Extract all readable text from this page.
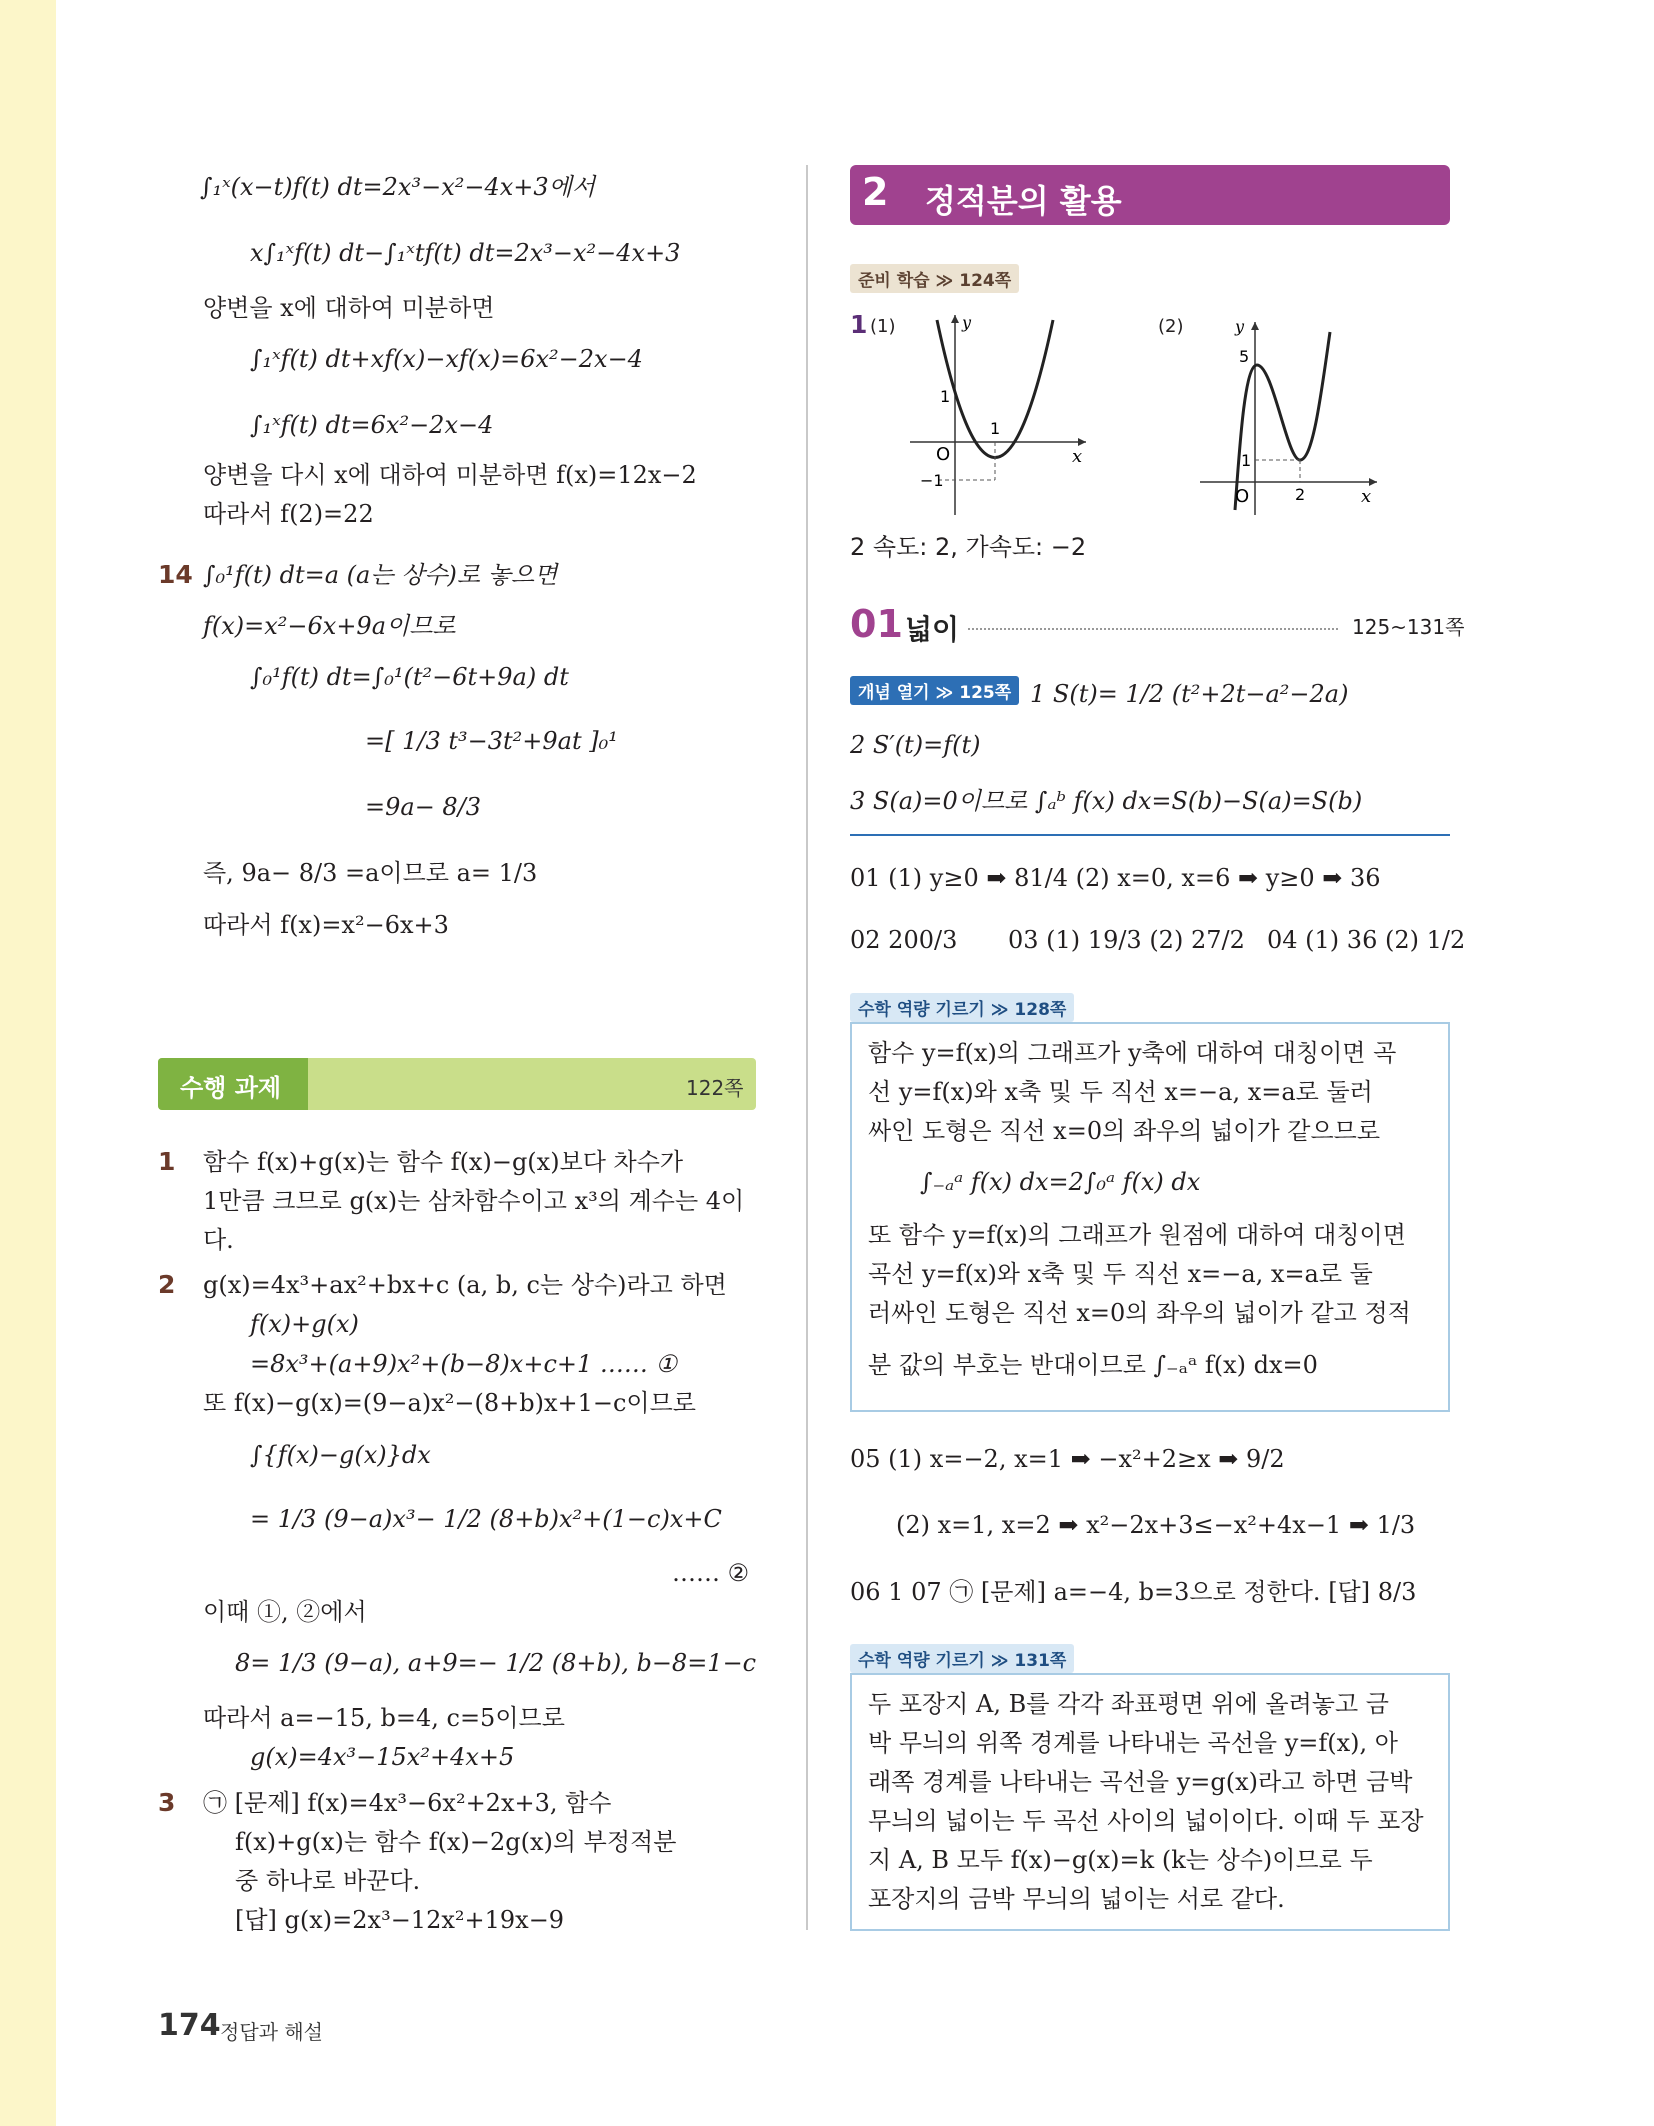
∫₁ˣ(x−t)f(t) dt=2x³−x²−4x+3에서
x∫₁ˣf(t) dt−∫₁ˣtf(t) dt=2x³−x²−4x+3
양변을 x에 대하여 미분하면
∫₁ˣf(t) dt+xf(x)−xf(x)=6x²−2x−4
∫₁ˣf(t) dt=6x²−2x−4
양변을 다시 x에 대하여 미분하면 f(x)=12x−2
따라서 f(2)=22
14 ∫₀¹f(t) dt=a (a는 상수)로 놓으면
f(x)=x²−6x+9a이므로
∫₀¹f(t) dt=∫₀¹(t²−6t+9a) dt
=[ 1/3 t³−3t²+9at ]₀¹
=9a− 8/3
즉, 9a− 8/3 =a이므로 a= 1/3
따라서 f(x)=x²−6x+3
수행 과제	122쪽
1 함수 f(x)+g(x)는 함수 f(x)−g(x)보다 차수가
1만큼 크므로 g(x)는 삼차함수이고 x³의 계수는 4이
다.
2 g(x)=4x³+ax²+bx+c (a, b, c는 상수)라고 하면
f(x)+g(x)
=8x³+(a+9)x²+(b−8)x+c+1 …… ①
또 f(x)−g(x)=(9−a)x²−(8+b)x+1−c이므로
∫{f(x)−g(x)}dx
= 1/3 (9−a)x³− 1/2 (8+b)x²+(1−c)x+C
…… ②
이때 ①, ②에서
8= 1/3 (9−a), a+9=− 1/2 (8+b), b−8=1−c
따라서 a=−15, b=4, c=5이므로
g(x)=4x³−15x²+4x+5
3 ㉠ [문제] f(x)=4x³−6x²+2x+3, 함수
f(x)+g(x)는 함수 f(x)−2g(x)의 부정적분
중 하나로 바꾼다.
[답] g(x)=2x³−12x²+19x−9
2 정적분의 활용
준비 학습 ≫ 124쪽
1 (1)	(2)
y
x
O
1
1
−1
y
x
O
5
1
2
2 속도: 2, 가속도: −2
01 넓이	125~131쪽
개념 열기 ≫ 125쪽 1 S(t)= 1/2 (t²+2t−a²−2a)
2 S′(t)=f(t)
3 S(a)=0이므로 ∫ₐᵇ f(x) dx=S(b)−S(a)=S(b)
01 (1) y≥0 ➡ 81/4 (2) x=0, x=6 ➡ y≥0 ➡ 36
02 200/3 03 (1) 19/3 (2) 27/2 04 (1) 36 (2) 1/2
수학 역량 기르기 ≫ 128쪽
함수 y=f(x)의 그래프가 y축에 대하여 대칭이면 곡
선 y=f(x)와 x축 및 두 직선 x=−a, x=a로 둘러
싸인 도형은 직선 x=0의 좌우의 넓이가 같으므로
∫₋ₐᵃ f(x) dx=2∫₀ᵃ f(x) dx
또 함수 y=f(x)의 그래프가 원점에 대하여 대칭이면
곡선 y=f(x)와 x축 및 두 직선 x=−a, x=a로 둘
러싸인 도형은 직선 x=0의 좌우의 넓이가 같고 정적
분 값의 부호는 반대이므로 ∫₋ₐᵃ f(x) dx=0
05 (1) x=−2, x=1 ➡ −x²+2≥x ➡ 9/2
(2) x=1, x=2 ➡ x²−2x+3≤−x²+4x−1 ➡ 1/3
06 1 07 ㉠ [문제] a=−4, b=3으로 정한다. [답] 8/3
수학 역량 기르기 ≫ 131쪽
두 포장지 A, B를 각각 좌표평면 위에 올려놓고 금
박 무늬의 위쪽 경계를 나타내는 곡선을 y=f(x), 아
래쪽 경계를 나타내는 곡선을 y=g(x)라고 하면 금박
무늬의 넓이는 두 곡선 사이의 넓이이다. 이때 두 포장
지 A, B 모두 f(x)−g(x)=k (k는 상수)이므로 두
포장지의 금박 무늬의 넓이는 서로 같다.
174 정답과 해설
